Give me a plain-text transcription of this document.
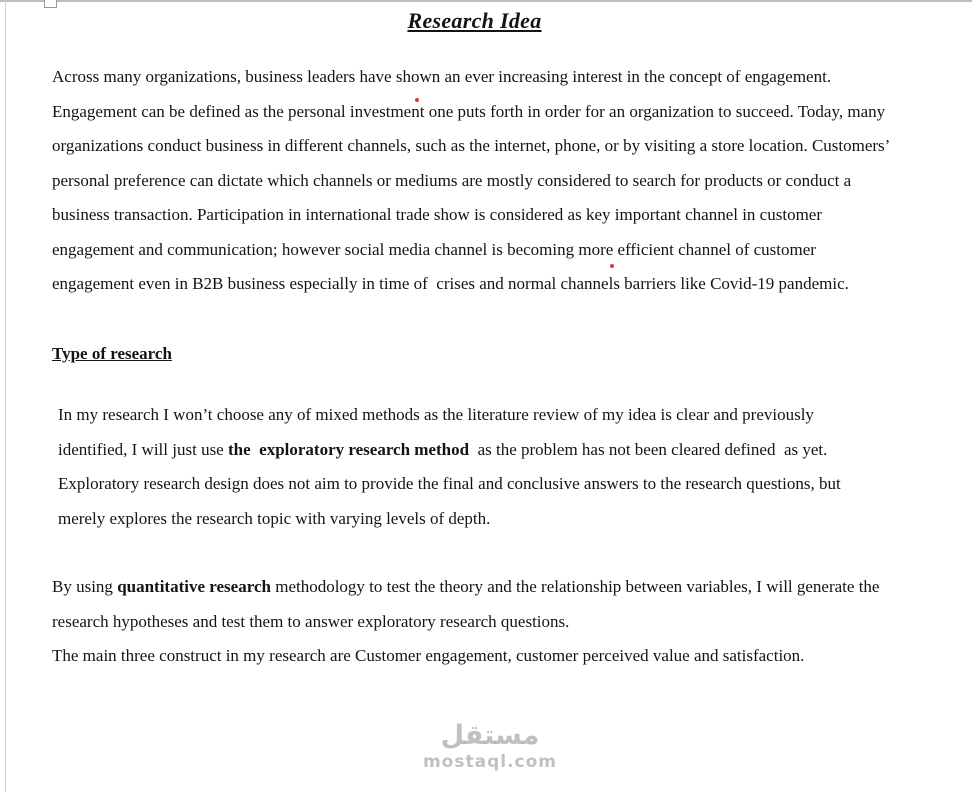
مستقل
mostaql.com
Research Idea

Across many organizations, business leaders have shown an ever increasing interest in the concept of engagement. Engagement can be defined as the personal investment one puts forth in order for an organization to succeed. Today, many organizations conduct business in different channels, such as the internet, phone, or by visiting a store location. Customers’ personal preference can dictate which channels or mediums are mostly considered to search for products or conduct a business transaction. Participation in international trade show is considered as key important channel in customer engagement and communication; however social media channel is becoming more efficient channel of customer engagement even in B2B business especially in time of  crises and normal channels barriers like Covid-19 pandemic.

Type of research

In my research I won’t choose any of mixed methods as the literature review of my idea is clear and previously identified, I will just use the  exploratory research method  as the problem has not been cleared defined  as yet. Exploratory research design does not aim to provide the final and conclusive answers to the research questions, but merely explores the research topic with varying levels of depth.

By using quantitative research methodology to test the theory and the relationship between variables, I will generate the research hypotheses and test them to answer exploratory research questions.

The main three construct in my research are Customer engagement, customer perceived value and satisfaction.
